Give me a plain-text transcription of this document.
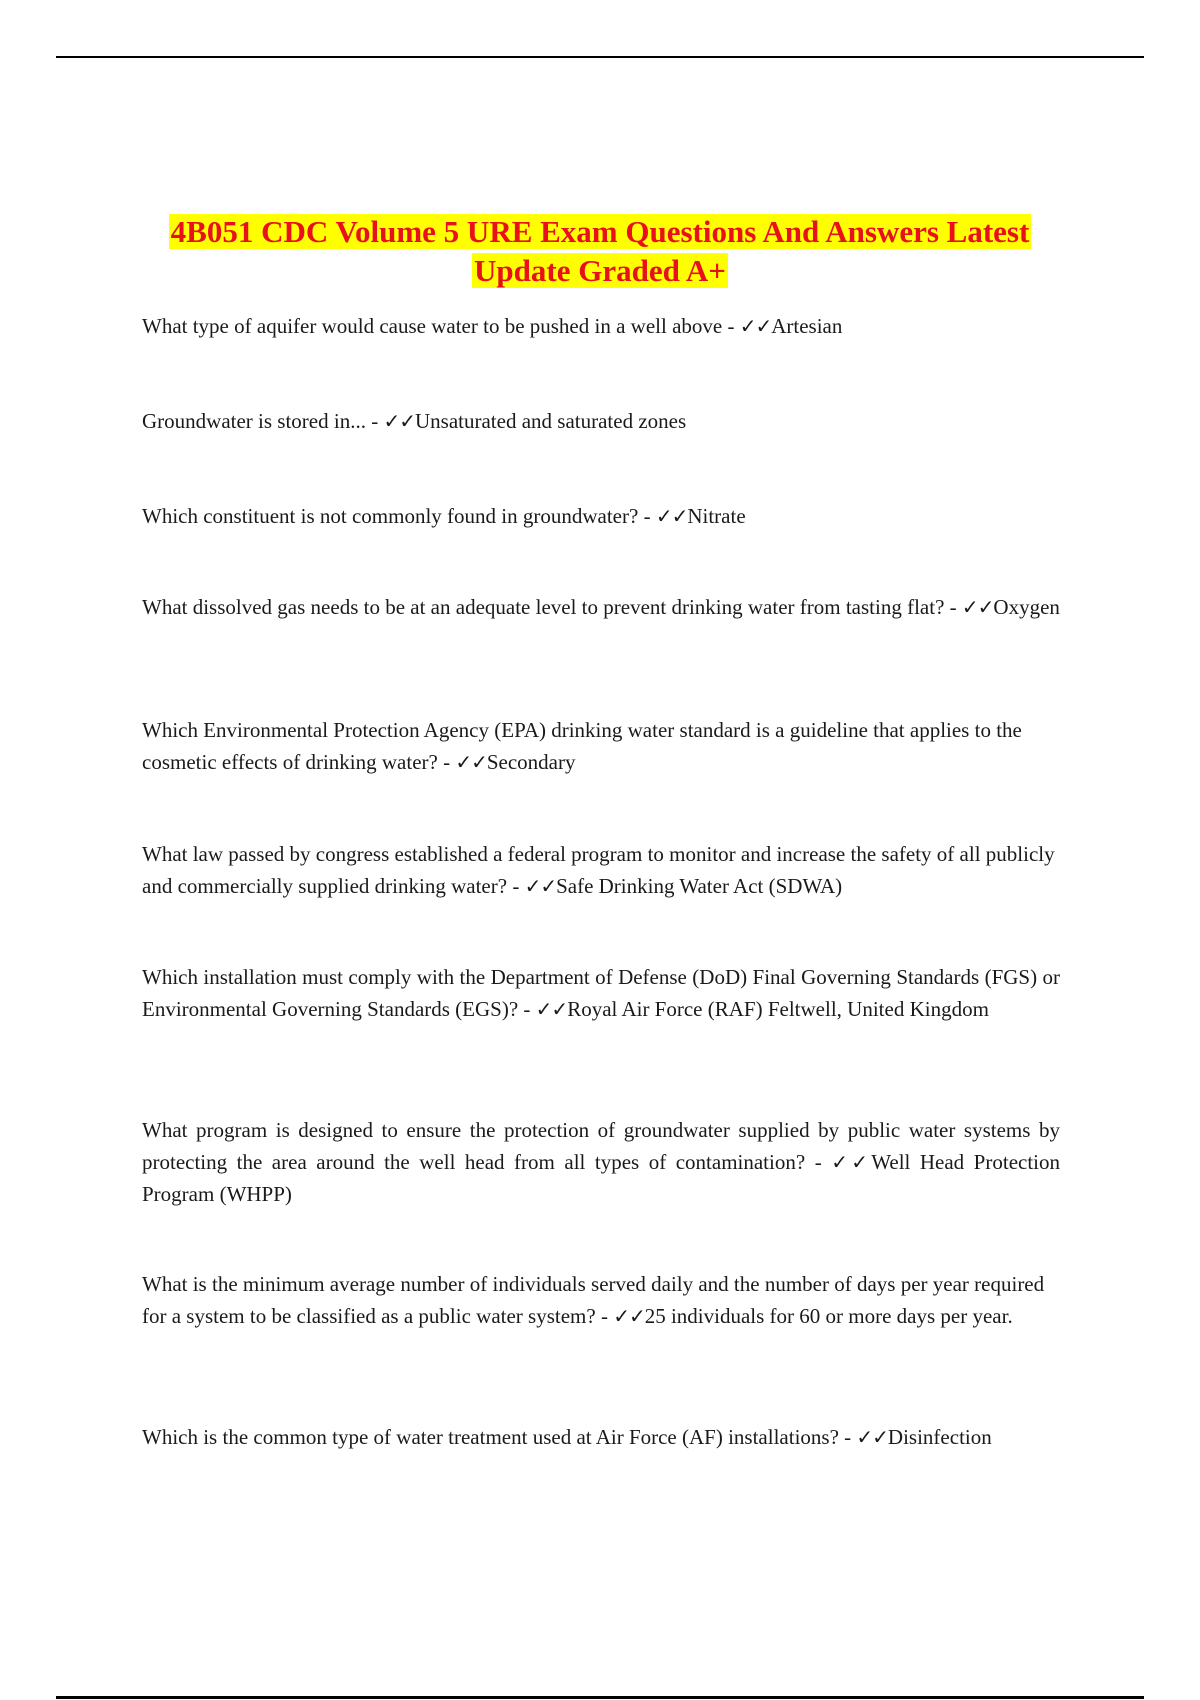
4B051 CDC Volume 5 URE Exam Questions And Answers Latest
Update Graded A+
What type of aquifer would cause water to be pushed in a well above - ✓✓Artesian
Groundwater is stored in... - ✓✓Unsaturated and saturated zones
Which constituent is not commonly found in groundwater? - ✓✓Nitrate
What dissolved gas needs to be at an adequate level to prevent drinking water from tasting flat? - ✓✓Oxygen
Which Environmental Protection Agency (EPA) drinking water standard is a guideline that applies to the cosmetic effects of drinking water? - ✓✓Secondary
What law passed by congress established a federal program to monitor and increase the safety of all publicly and commercially supplied drinking water? - ✓✓Safe Drinking Water Act (SDWA)
Which installation must comply with the Department of Defense (DoD) Final Governing Standards (FGS) or Environmental Governing Standards (EGS)? - ✓✓Royal Air Force (RAF) Feltwell, United Kingdom
What program is designed to ensure the protection of groundwater supplied by public water systems by protecting the area around the well head from all types of contamination? - ✓✓Well Head Protection Program (WHPP)
What is the minimum average number of individuals served daily and the number of days per year required for a system to be classified as a public water system? - ✓✓25 individuals for 60 or more days per year.
Which is the common type of water treatment used at Air Force (AF) installations? - ✓✓Disinfection
